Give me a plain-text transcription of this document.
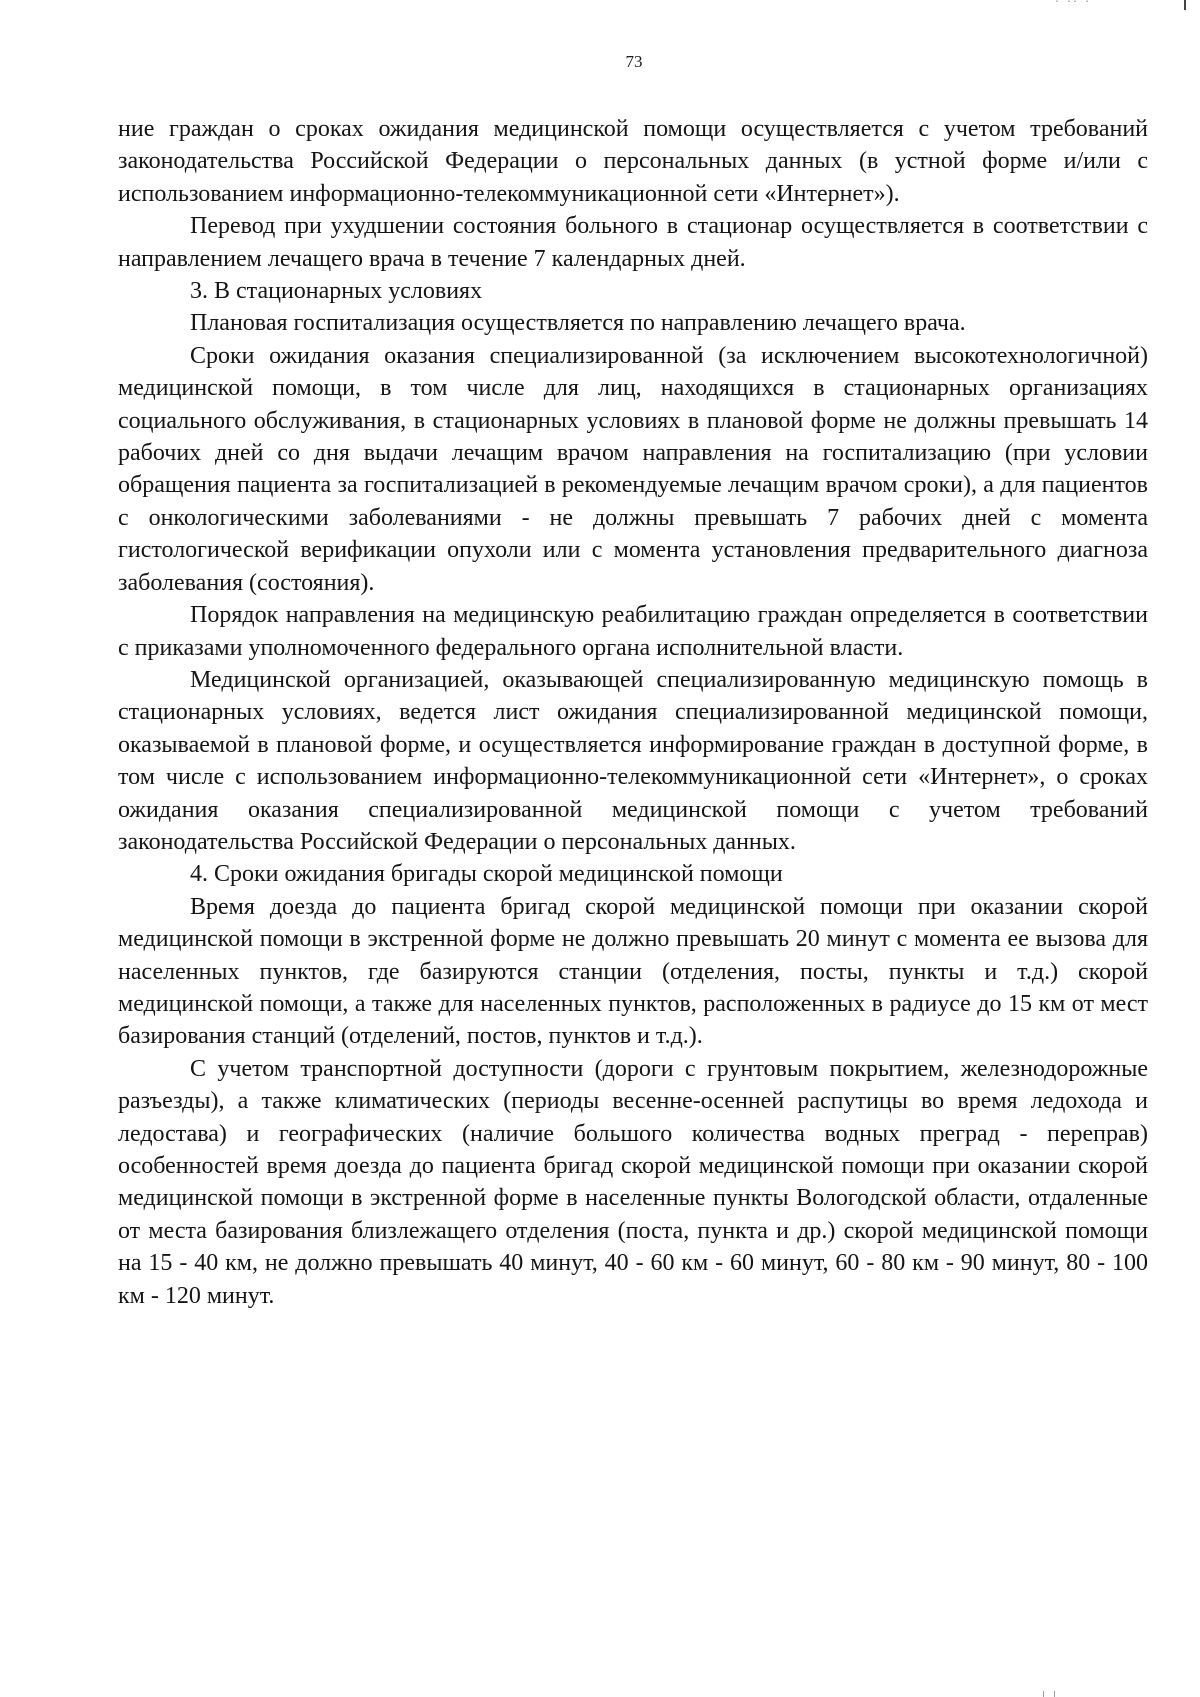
· ·· ·
73

ние граждан о сроках ожидания медицинской помощи осуществляется с учетом требований законодательства Российской Федерации о персональных данных (в устной форме и/или с использованием информационно-телекоммуникационной сети «Интернет»).

Перевод при ухудшении состояния больного в стационар осуществляется в соответствии с направлением лечащего врача в течение 7 календарных дней.

3. В стационарных условиях

Плановая госпитализация осуществляется по направлению лечащего врача.

Сроки ожидания оказания специализированной (за исключением высокотехнологичной) медицинской помощи, в том числе для лиц, находящихся в стационарных организациях социального обслуживания, в стационарных условиях в плановой форме не должны превышать 14 рабочих дней со дня выдачи лечащим врачом направления на госпитализацию (при условии обращения пациента за госпитализацией в рекомендуемые лечащим врачом сроки), а для пациентов с онкологическими заболеваниями - не должны превышать 7 рабочих дней с момента гистологической верификации опухоли или с момента установления предварительного диагноза заболевания (состояния).

Порядок направления на медицинскую реабилитацию граждан определяется в соответствии с приказами уполномоченного федерального органа исполнительной власти.

Медицинской организацией, оказывающей специализированную медицинскую помощь в стационарных условиях, ведется лист ожидания специализированной медицинской помощи, оказываемой в плановой форме, и осуществляется информирование граждан в доступной форме, в том числе с использованием информационно-телекоммуникационной сети «Интернет», о сроках ожидания оказания специализированной медицинской помощи с учетом требований законодательства Российской Федерации о персональных данных.

4. Сроки ожидания бригады скорой медицинской помощи

Время доезда до пациента бригад скорой медицинской помощи при оказании скорой медицинской помощи в экстренной форме не должно превышать 20 минут с момента ее вызова для населенных пунктов, где базируются станции (отделения, посты, пункты и т.д.) скорой медицинской помощи, а также для населенных пунктов, расположенных в радиусе до 15 км от мест базирования станций (отделений, постов, пунктов и т.д.).

С учетом транспортной доступности (дороги с грунтовым покрытием, железнодорожные разъезды), а также климатических (периоды весенне-осенней распутицы во время ледохода и ледостава) и географических (наличие большого количества водных преград - переправ) особенностей время доезда до пациента бригад скорой медицинской помощи при оказании скорой медицинской помощи в экстренной форме в населенные пункты Вологодской области, отдаленные от места базирования близлежащего отделения (поста, пункта и др.) скорой медицинской помощи на 15 - 40 км, не должно превышать 40 минут, 40 - 60 км - 60 минут, 60 - 80 км - 90 минут, 80 - 100 км - 120 минут.
